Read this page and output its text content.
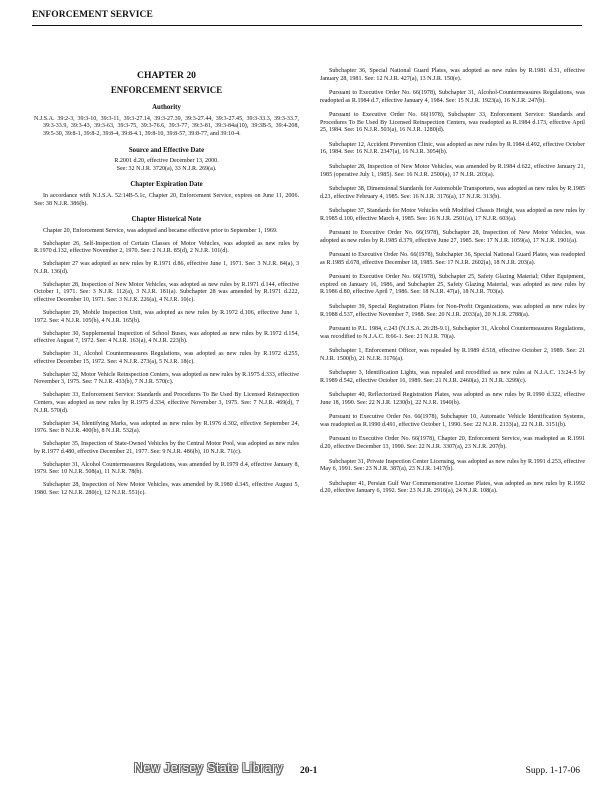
ENFORCEMENT SERVICE
CHAPTER 20
ENFORCEMENT SERVICE
Authority

N.J.S.A. 39:2-3, 39:3-10, 39:3-11, 39:3-27.14, 39:3-27.39, 39:3-27.44, 39:3-27.45, 39:3-33.3, 39:3-33.7, 39:3-33.9, 39:3-43, 39:3-63, 39:3-75, 39:3-76.6, 39:3-77, 39:3-81, 39:3-84a(10), 39:3B-5, 39:4-208, 39:5-30, 39:8-1, 39:8-2, 39:8-4, 39:8-4.1, 39:8-10, 39:8-57, 39:8-77, and 39:10-4.

Source and Effective Date

R.2001 d.20, effective December 13, 2000.

See: 32 N.J.R. 3720(a), 33 N.J.R. 269(a).

Chapter Expiration Date

In accordance with N.J.S.A. 52:14B-5.1c, Chapter 20, Enforcement Service, expires on June 11, 2006. See: 38 N.J.R. 386(b).

Chapter Historical Note

Chapter 20, Enforcement Service, was adopted and became effective prior to September 1, 1969.

Subchapter 26, Self-Inspection of Certain Classes of Motor Vehicles, was adopted as new rules by R.1970 d.132, effective November 2, 1970. See: 2 N.J.R. 85(d), 2 N.J.R. 101(d).

Subchapter 27 was adopted as new rules by R.1971 d.86, effective June 1, 1971. See: 3 N.J.R. 84(a), 3 N.J.R. 136(d).

Subchapter 28, Inspection of New Motor Vehicles, was adopted as new rules by R.1971 d.144, effective October 1, 1971. See: 3 N.J.R. 112(a), 3 N.J.R. 181(a). Subchapter 28 was amended by R.1971 d.222, effective December 10, 1971. See: 3 N.J.R. 226(a), 4 N.J.R. 10(c).

Subchapter 29, Mobile Inspection Unit, was adopted as new rules by R.1972 d.106, effective June 1, 1972. See: 4 N.J.R. 105(b), 4 N.J.R. 165(b).

Subchapter 30, Supplemental Inspection of School Buses, was adopted as new rules by R.1972 d.154, effective August 7, 1972. See: 4 N.J.R. 163(a), 4 N.J.R. 223(b).

Subchapter 31, Alcohol Countermeasures Regulations, was adopted as new rules by R.1972 d.255, effective December 15, 1972. See: 4 N.J.R. 273(a), 5 N.J.R. 18(c).

Subchapter 32, Motor Vehicle Reinspection Centers, was adopted as new rules by R.1975 d.333, effective November 3, 1975. See: 7 N.J.R. 433(b), 7 N.J.R. 570(c).

Subchapter 33, Enforcement Service: Standards and Procedures To Be Used By Licensed Reinspection Centers, was adopted as new rules by R.1975 d.334, effective November 3, 1975. See: 7 N.J.R. 469(d), 7 N.J.R. 570(d).

Subchapter 34, Identifying Marks, was adopted as new rules by R.1976 d.302, effective September 24, 1976. See: 8 N.J.R. 400(b), 8 N.J.R. 532(a).

Subchapter 35, Inspection of State-Owned Vehicles by the Central Motor Pool, was adopted as new rules by R.1977 d.480, effective December 21, 1977. See: 9 N.J.R. 486(b), 10 N.J.R. 71(c).

Subchapter 31, Alcohol Countermeasures Regulations, was amended by R.1979 d.4, effective January 8, 1979. See: 10 N.J.R. 508(a), 11 N.J.R. 78(b).

Subchapter 28, Inspection of New Motor Vehicles, was amended by R.1980 d.345, effective August 5, 1980. See: 12 N.J.R. 280(c), 12 N.J.R. 551(c).

Subchapter 36, Special National Guard Plates, was adopted as new rules by R.1981 d.31, effective January 28, 1981. See: 12 N.J.R. 427(a), 13 N.J.R. 150(e).

Pursuant to Executive Order No. 66(1978), Subchapter 31, Alcohol-Countermeasures Regulations, was readopted as R.1984 d.7, effective January 4, 1984. See: 15 N.J.R. 1923(a), 16 N.J.R. 247(b).

Pursuant to Executive Order No. 66(1978), Subchapter 33, Enforcement Service: Standards and Procedures To Be Used By Licensed Reinspection Centers, was readopted as R.1984 d.173, effective April 25, 1984. See: 16 N.J.R. 503(a), 16 N.J.R. 1280(d).

Subchapter 12, Accident Prevention Clinic, was adopted as new rules by R.1984 d.492, effective October 16, 1984. See: 16 N.J.R. 2347(a), 16 N.J.R. 3054(b).

Subchapter 28, Inspection of New Motor Vehicles, was amended by R.1984 d.622, effective January 21, 1985 (operative July 1, 1985). See: 16 N.J.R. 2500(a), 17 N.J.R. 203(a).

Subchapter 38, Dimensional Standards for Automobile Transporters, was adopted as new rules by R.1985 d.23, effective February 4, 1985. See: 16 N.J.R. 3176(a), 17 N.J.R. 313(b).

Subchapter 37, Standards for Motor Vehicles with Modified Chassis Height, was adopted as new rules by R.1985 d.100, effective March 4, 1985. See: 16 N.J.R. 2501(a), 17 N.J.R. 603(a).

Pursuant to Executive Order No. 66(1978), Subchapter 28, Inspection of New Motor Vehicles, was adopted as new rules by R.1985 d.379, effective June 27, 1985. See: 17 N.J.R. 1059(a), 17 N.J.R. 1901(a).

Pursuant to Executive Order No. 66(1978), Subchapter 36, Special National Guard Plates, was readopted as R.1985 d.678, effective December 18, 1985. See: 17 N.J.R. 2602(a), 18 N.J.R. 203(a).

Pursuant to Executive Order No. 66(1978), Subchapter 25, Safety Glazing Material; Other Equipment, expired on January 16, 1986, and Subchapter 25, Safety Glazing Material, was adopted as new rules by R.1986 d.80, effective April 7, 1986. See: 18 N.J.R. 47(a), 18 N.J.R. 703(a).

Subchapter 39, Special Registration Plates for Non-Profit Organizations, was adopted as new rules by R.1988 d.537, effective November 7, 1988. See: 20 N.J.R. 2033(a), 20 N.J.R. 2788(a).

Pursuant to P.L. 1984, c.243 (N.J.S.A. 26:2B-9.1), Subchapter 31, Alcohol Countermeasures Regulations, was recodified to N.J.A.C. 8:66-1. See: 21 N.J.R. 70(a).

Subchapter 1, Enforcement Officer, was repealed by R.1989 d.518, effective October 2, 1989. See: 21 N.J.R. 1500(b), 21 N.J.R. 3176(a).

Subchapter 3, Identification Lights, was repealed and recodified as new rules at N.J.A.C. 13:24-5 by R.1989 d.542, effective October 16, 1989. See: 21 N.J.R. 2460(a), 21 N.J.R. 3299(c).

Subchapter 40, Reflectorized Registration Plates, was adopted as new rules by R.1990 d.322, effective June 18, 1990. See: 22 N.J.R. 1230(b), 22 N.J.R. 1940(b).

Pursuant to Executive Order No. 66(1978), Subchapter 10, Automatic Vehicle Identification Systems, was readopted as R.1990 d.491, effective October 1, 1990. See: 22 N.J.R. 2133(a), 22 N.J.R. 3151(b).

Pursuant to Executive Order No. 66(1978), Chapter 20, Enforcement Service, was readopted as R.1991 d.20, effective December 13, 1990. See: 22 N.J.R. 3307(a), 23 N.J.R. 207(b).

Subchapter 31, Private Inspection Center Licensing, was adopted as new rules by R.1991 d.253, effective May 6, 1991. See: 23 N.J.R. 387(a), 23 N.J.R. 1417(b).

Subchapter 41, Persian Gulf War Commemorative License Plates, was adopted as new rules by R.1992 d.20, effective January 6, 1992. See: 23 N.J.R. 2916(a), 24 N.J.R. 108(a).

New Jersey State Library 20-1	Supp. 1-17-06
